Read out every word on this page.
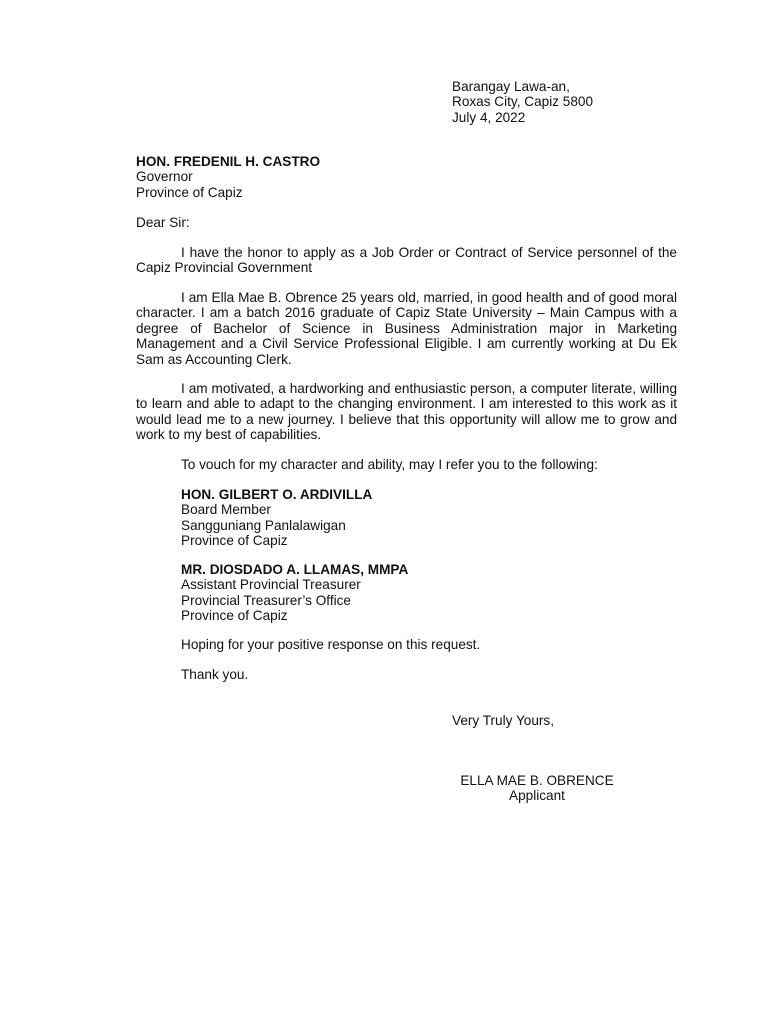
Barangay Lawa-an,
Roxas City, Capiz 5800
July 4, 2022
HON. FREDENIL H. CASTRO
Governor
Province of Capiz
Dear Sir:
I have the honor to apply as a Job Order or Contract of Service personnel of the Capiz Provincial Government
I am Ella Mae B. Obrence 25 years old, married, in good health and of good moral character. I am a batch 2016 graduate of Capiz State University – Main Campus with a degree of Bachelor of Science in Business Administration major in Marketing Management and a Civil Service Professional Eligible. I am currently working at Du Ek Sam as Accounting Clerk.
I am motivated, a hardworking and enthusiastic person, a computer literate, willing to learn and able to adapt to the changing environment. I am interested to this work as it would lead me to a new journey. I believe that this opportunity will allow me to grow and work to my best of capabilities.
To vouch for my character and ability, may I refer you to the following:
HON. GILBERT O. ARDIVILLA
Board Member
Sangguniang Panlalawigan
Province of Capiz
MR. DIOSDADO A. LLAMAS, MMPA
Assistant Provincial Treasurer
Provincial Treasurer’s Office
Province of Capiz
Hoping for your positive response on this request.
Thank you.
Very Truly Yours,
ELLA MAE B. OBRENCE
Applicant
